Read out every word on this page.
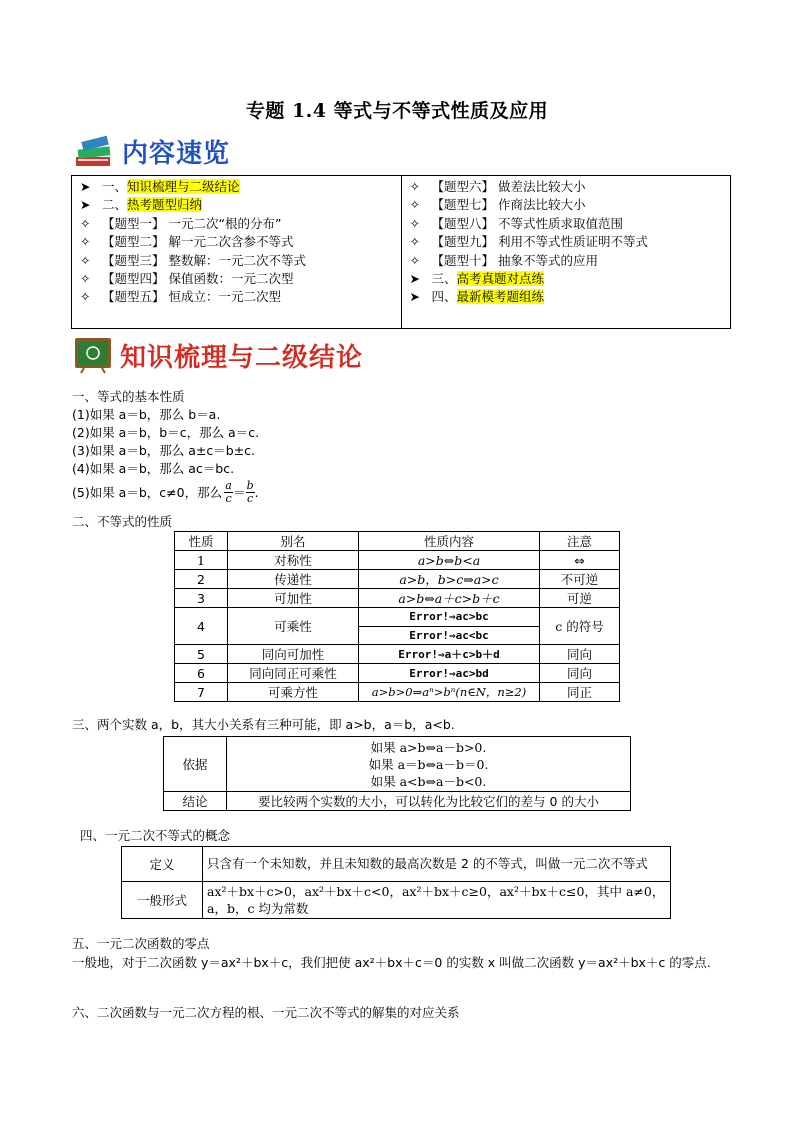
专题 1.4 等式与不等式性质及应用
内容速览
➤ 一、知识梳理与二级结论
➤ 二、热考题型归纳
✧ 【题型一】 一元二次“根的分布”
✧ 【题型二】 解一元二次含参不等式
✧ 【题型三】 整数解：一元二次不等式
✧ 【题型四】 保值函数：一元二次型
✧ 【题型五】 恒成立：一元二次型
✧ 【题型六】 做差法比较大小
✧ 【题型七】 作商法比较大小
✧ 【题型八】 不等式性质求取值范围
✧ 【题型九】 利用不等式性质证明不等式
✧ 【题型十】 抽象不等式的应用
➤ 三、高考真题对点练
➤ 四、最新模考题组练
知识梳理与二级结论
一、等式的基本性质
(1)如果 a＝b，那么 b＝a.
(2)如果 a＝b，b＝c，那么 a＝c.
(3)如果 a＝b，那么 a±c＝b±c.
(4)如果 a＝b，那么 ac＝bc.
(5)如果 a＝b，c≠0，那么 a
c ＝ b
c .
二、不等式的性质
性质	别名	性质内容	注意
1	对称性	a>b⇔b<a	⇔
2	传递性	a>b，b>c⇒a>c	不可逆
3	可加性	a>b⇔a＋c>b＋c	可逆
4	可乘性	Error!⇒ac>bc	c 的符号
		Error!⇒ac<bc	
5	同向可加性	Error!⇒a＋c>b＋d	同向
6	同向同正可乘性	Error!⇒ac>bd	同向
7	可乘方性	a>b>0⇒aⁿ>bⁿ(n∈N，n≥2)	同正
三、两个实数 a，b，其大小关系有三种可能，即 a>b，a＝b，a<b.
依据	如果 a>b⇔a－b>0.
如果 a＝b⇔a－b＝0.
如果 a<b⇔a－b<0.

结论	要比较两个实数的大小，可以转化为比较它们的差与 0 的大小
四、一元二次不等式的概念
定义	只含有一个未知数，并且未知数的最高次数是 2 的不等式，叫做一元二次不等式
一般形式	ax²＋bx＋c>0，ax²＋bx＋c<0，ax²＋bx＋c≥0，ax²＋bx＋c≤0，其中 a≠0，a，b，c 均为常数
五、一元二次函数的零点
一般地，对于二次函数 y＝ax²＋bx＋c，我们把使 ax²＋bx＋c＝0 的实数 x 叫做二次函数 y＝ax²＋bx＋c 的零点.
六、二次函数与一元二次方程的根、一元二次不等式的解集的对应关系
